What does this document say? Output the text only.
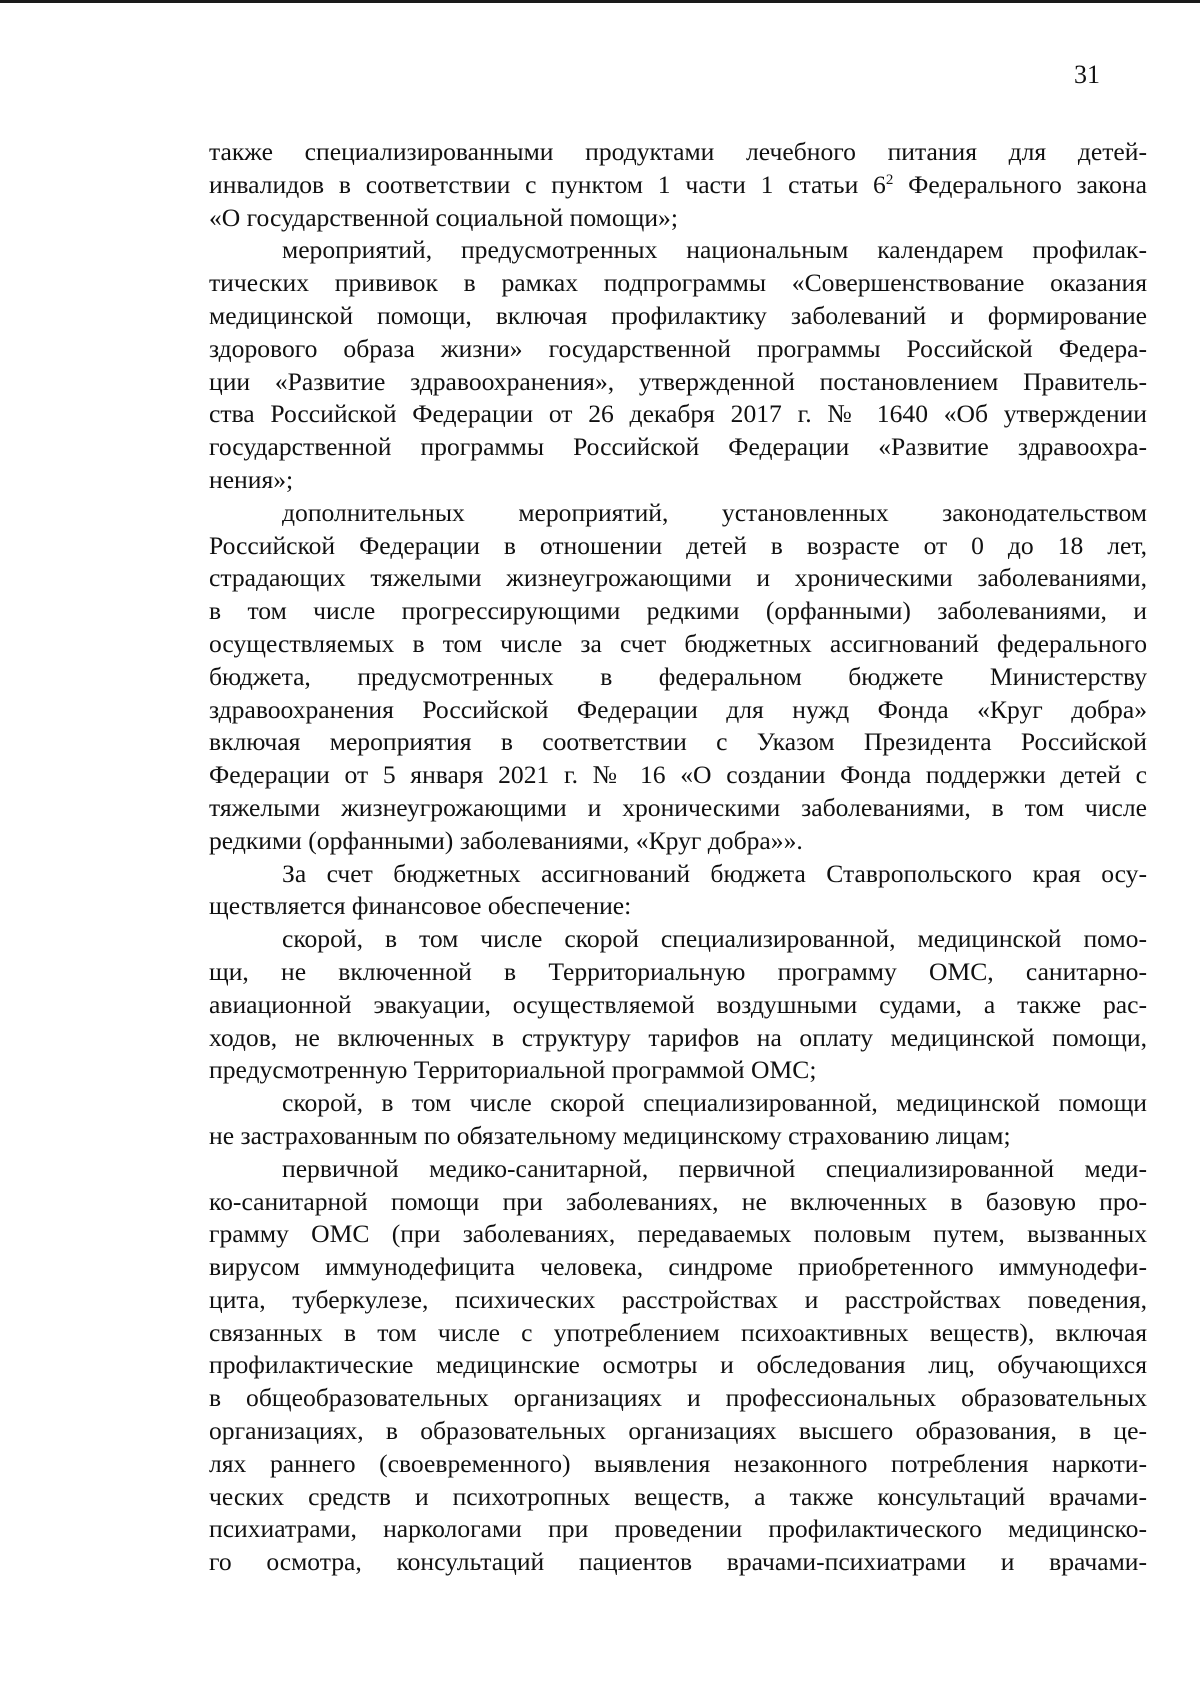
31
также специализированными продуктами лечебного питания для детей-
инвалидов в соответствии с пунктом 1 части 1 статьи $6^2$ Федерального закона
«О государственной социальной помощи»;
мероприятий, предусмотренных национальным календарем профилак-
тических прививок в рамках подпрограммы «Совершенствование оказания
медицинской помощи, включая профилактику заболеваний и формирование
здорового образа жизни» государственной программы Российской Федера-
ции «Развитие здравоохранения», утвержденной постановлением Правитель-
ства Российской Федерации от 26 декабря 2017 г. № 1640 «Об утверждении
государственной программы Российской Федерации «Развитие здравоохра-
нения»;
дополнительных мероприятий, установленных законодательством
Российской Федерации в отношении детей в возрасте от 0 до 18 лет,
страдающих тяжелыми жизнеугрожающими и хроническими заболеваниями,
в том числе прогрессирующими редкими (орфанными) заболеваниями, и
осуществляемых в том числе за счет бюджетных ассигнований федерального
бюджета, предусмотренных в федеральном бюджете Министерству
здравоохранения Российской Федерации для нужд Фонда «Круг добра»
включая мероприятия в соответствии с Указом Президента Российской
Федерации от 5 января 2021 г. № 16 «О создании Фонда поддержки детей с
тяжелыми жизнеугрожающими и хроническими заболеваниями, в том числе
редкими (орфанными) заболеваниями, «Круг добра»».
За счет бюджетных ассигнований бюджета Ставропольского края осу-
ществляется финансовое обеспечение:
скорой, в том числе скорой специализированной, медицинской помо-
щи, не включенной в Территориальную программу ОМС, санитарно-
авиационной эвакуации, осуществляемой воздушными судами, а также рас-
ходов, не включенных в структуру тарифов на оплату медицинской помощи,
предусмотренную Территориальной программой ОМС;
скорой, в том числе скорой специализированной, медицинской помощи
не застрахованным по обязательному медицинскому страхованию лицам;
первичной медико-санитарной, первичной специализированной меди-
ко-санитарной помощи при заболеваниях, не включенных в базовую про-
грамму ОМС (при заболеваниях, передаваемых половым путем, вызванных
вирусом иммунодефицита человека, синдроме приобретенного иммунодефи-
цита, туберкулезе, психических расстройствах и расстройствах поведения,
связанных в том числе с употреблением психоактивных веществ), включая
профилактические медицинские осмотры и обследования лиц, обучающихся
в общеобразовательных организациях и профессиональных образовательных
организациях, в образовательных организациях высшего образования, в це-
лях раннего (своевременного) выявления незаконного потребления наркоти-
ческих средств и психотропных веществ, а также консультаций врачами-
психиатрами, наркологами при проведении профилактического медицинско-
го осмотра, консультаций пациентов врачами-психиатрами и врачами-
